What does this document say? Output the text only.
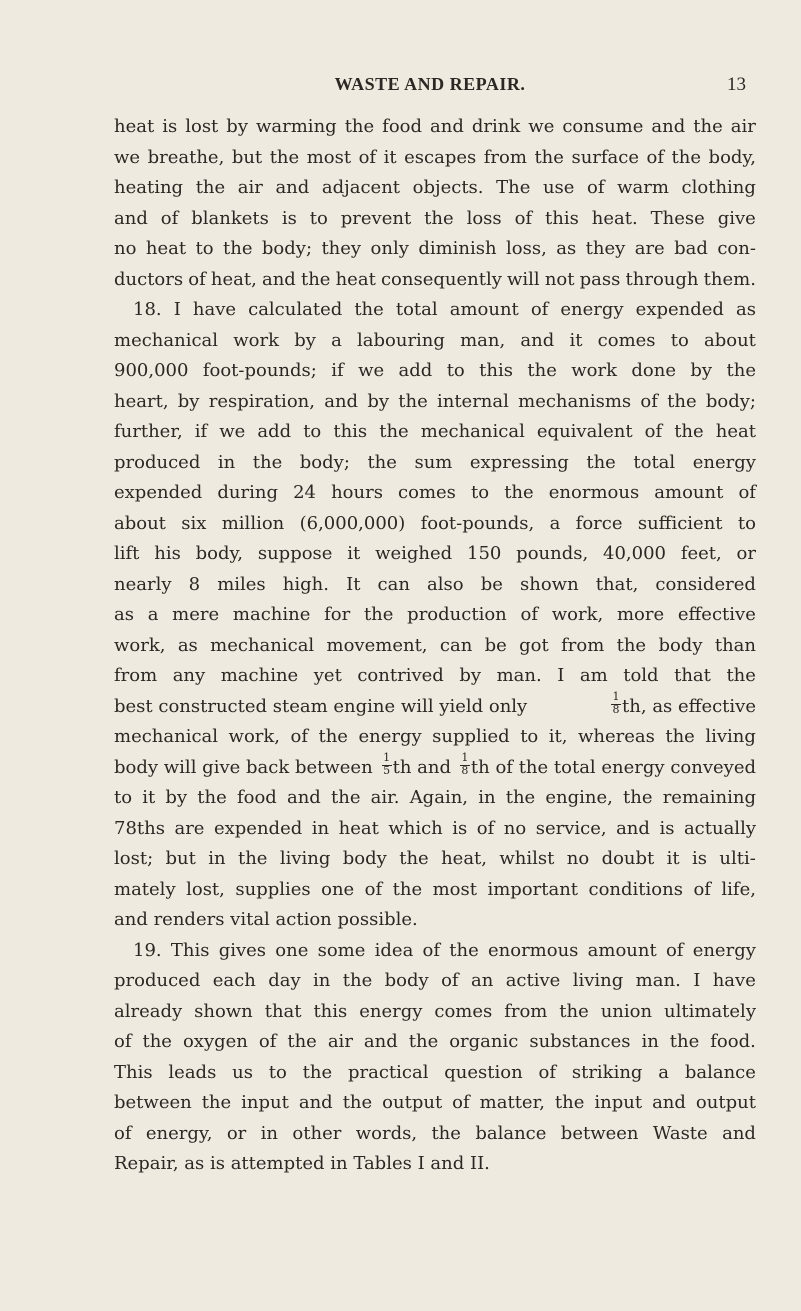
WASTE AND REPAIR.	13
heat is lost by warming the food and drink we consume and the air
we breathe, but the most of it escapes from the surface of the body,
heating the air and adjacent objects. The use of warm clothing
and of blankets is to prevent the loss of this heat. These give
no heat to the body; they only diminish loss, as they are bad con-
ductors of heat, and the heat consequently will not pass through them.
18. I have calculated the total amount of energy expended as
mechanical work by a labouring man, and it comes to about
900,000 foot-pounds; if we add to this the work done by the
heart, by respiration, and by the internal mechanisms of the body;
further, if we add to this the mechanical equivalent of the heat
produced in the body; the sum expressing the total energy
expended during 24 hours comes to the enormous amount of
about six million (6,000,000) foot-pounds, a force sufficient to
lift his body, suppose it weighed 150 pounds, 40,000 feet, or
nearly 8 miles high. It can also be shown that, considered
as a mere machine for the production of work, more effective
work, as mechanical movement, can be got from the body than
from any machine yet contrived by man. I am told that the
best constructed steam engine will yield only	$\frac{1}{8}$ th, as effective
mechanical work, of the energy supplied to it, whereas the living
body will give back between $\frac{1}{5}$ th and $\frac{1}{8}$ th of the total energy conveyed
to it by the food and the air. Again, in the engine, the remaining
78ths are expended in heat which is of no service, and is actually
lost; but in the living body the heat, whilst no doubt it is ulti-
mately lost, supplies one of the most important conditions of life,
and renders vital action possible.
19. This gives one some idea of the enormous amount of energy
produced each day in the body of an active living man. I have
already shown that this energy comes from the union ultimately
of the oxygen of the air and the organic substances in the food.
This leads us to the practical question of striking a balance
between the input and the output of matter, the input and output
of energy, or in other words, the balance between Waste and
Repair, as is attempted in Tables I and II.
